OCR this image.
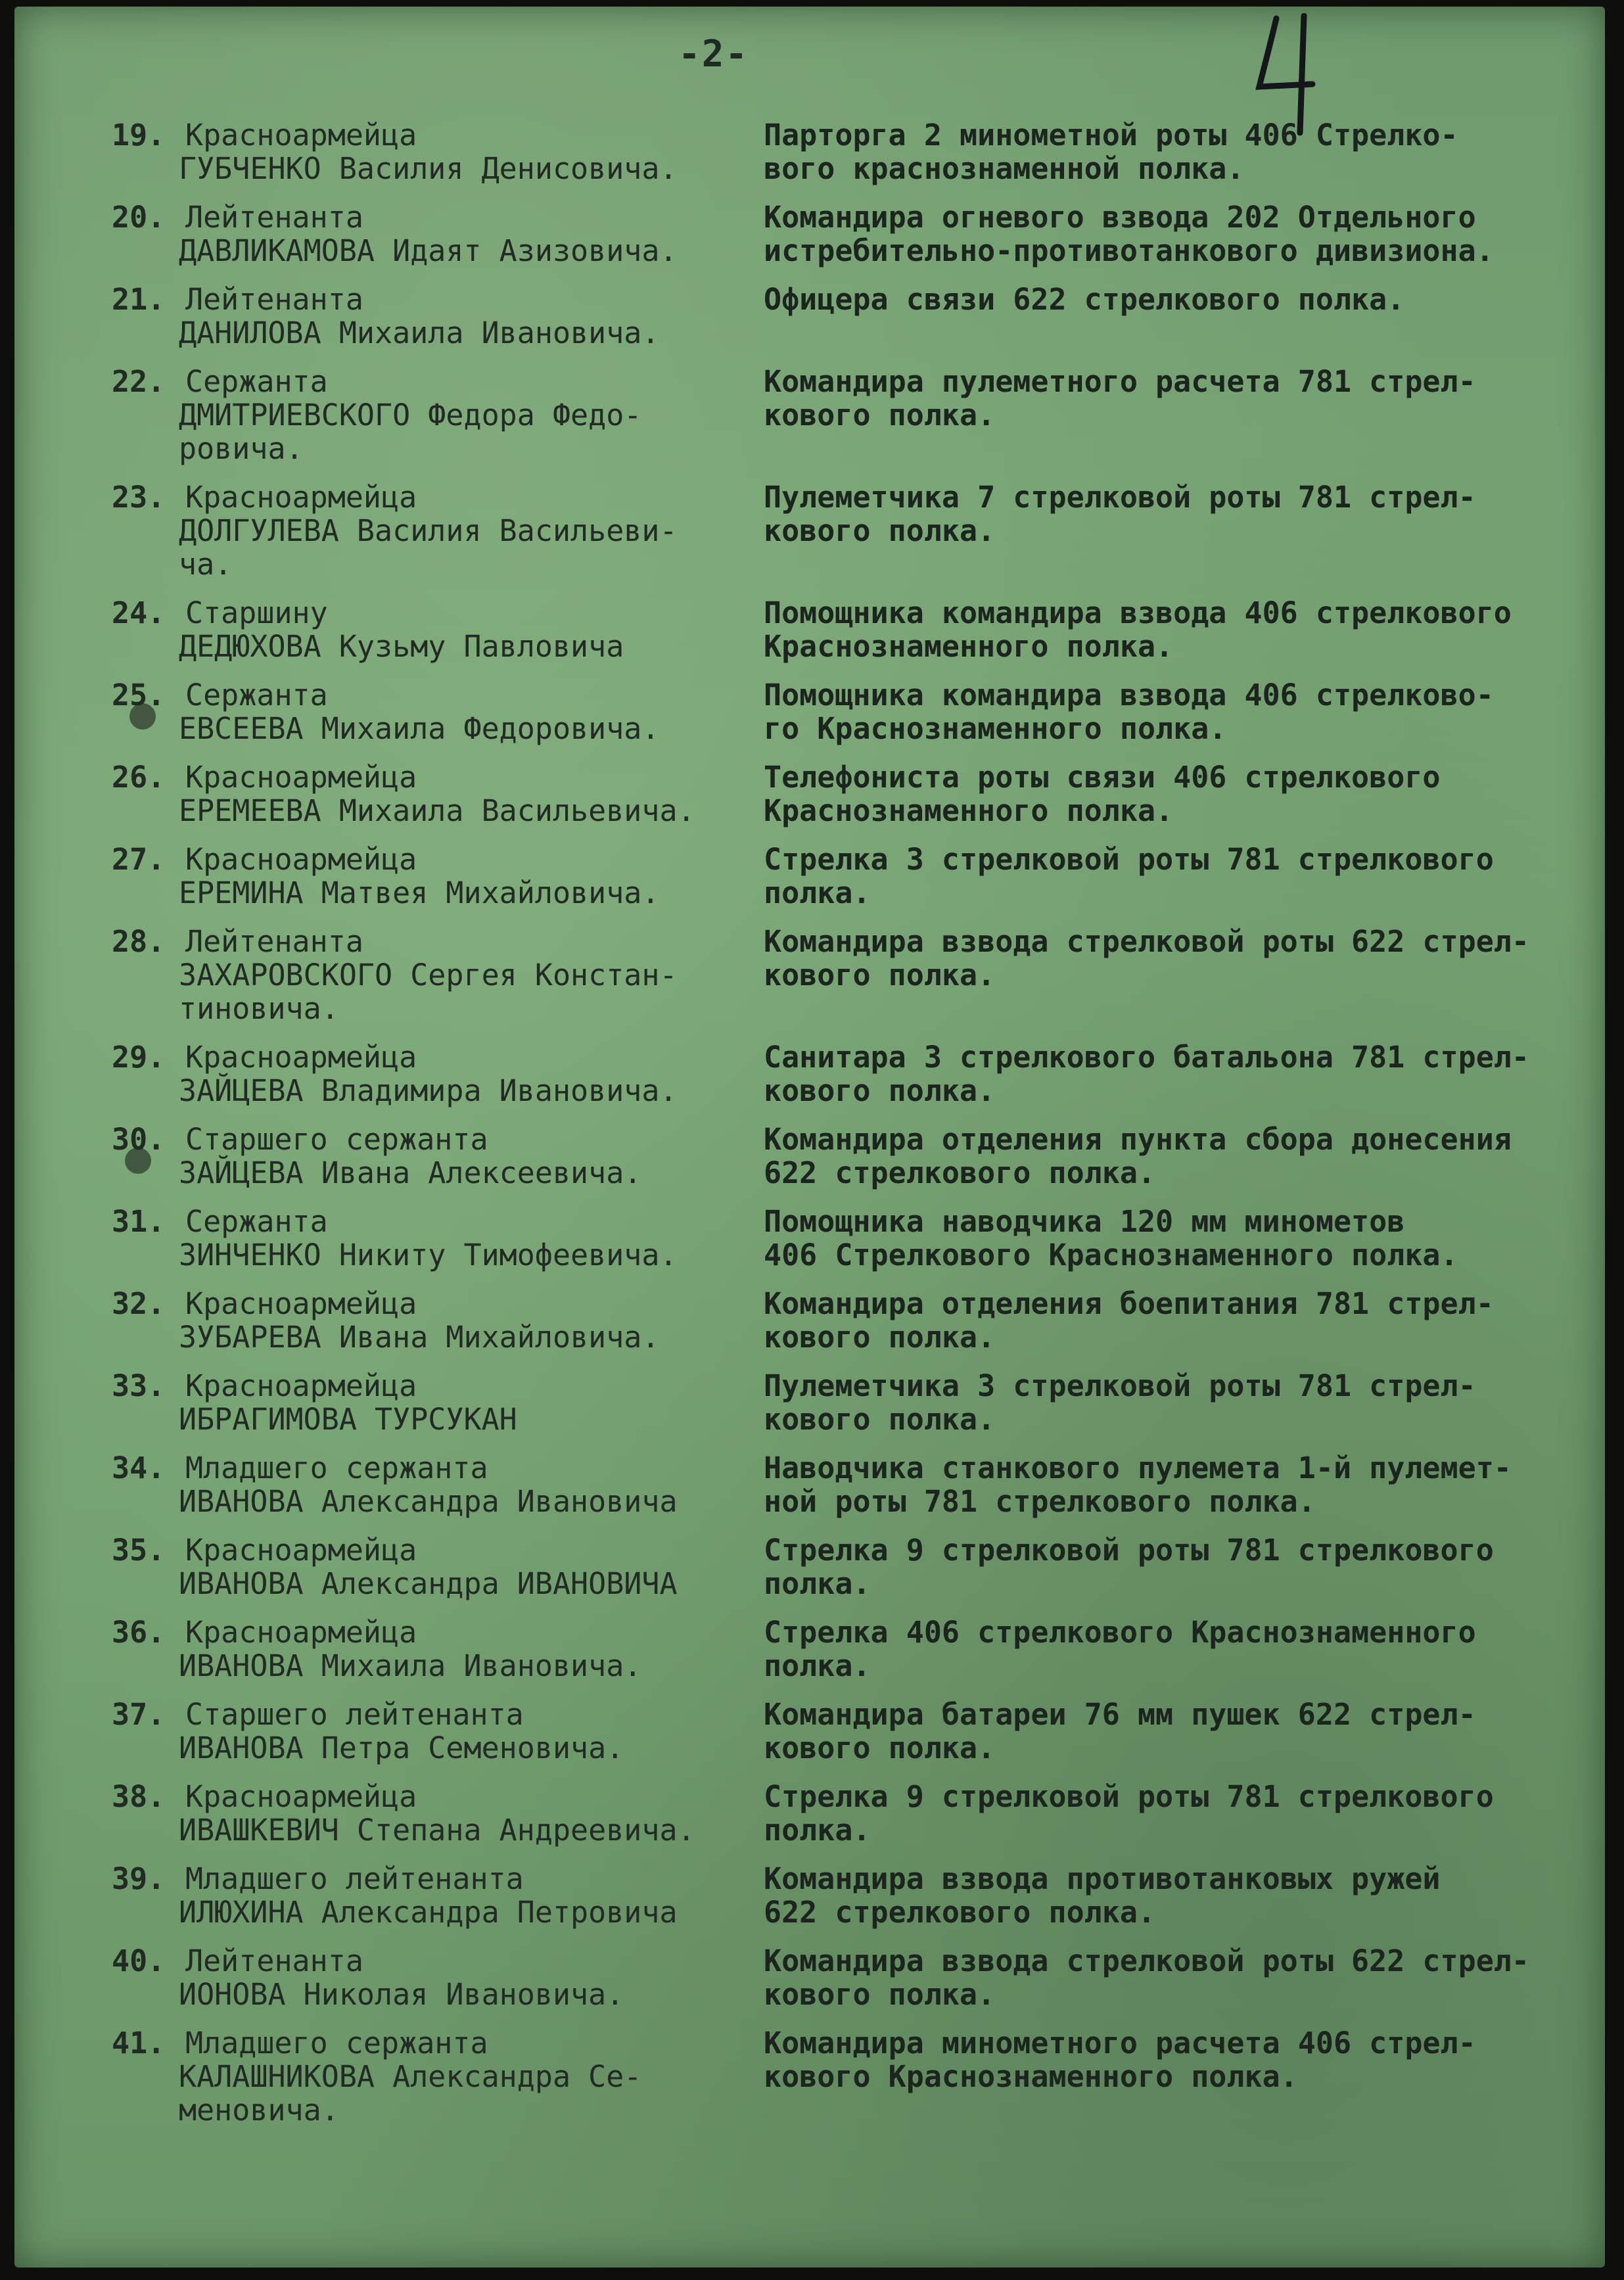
-2-
19. Красноармейца
ГУБЧЕНКО Василия Денисовича.
Парторга 2 минометной роты 406 Стрелко-
вого краснознаменной полка.
20. Лейтенанта
ДАВЛИКАМОВА Идаят Азизовича.
Командира огневого взвода 202 Отдельного
истребительно-противотанкового дивизиона.
21. Лейтенанта
ДАНИЛОВА Михаила Ивановича.
Офицера связи 622 стрелкового полка.
22. Сержанта
ДМИТРИЕВСКОГО Федора Федо-
ровича.
Командира пулеметного расчета 781 стрел-
кового полка.
23. Красноармейца
ДОЛГУЛЕВА Василия Васильеви-
ча.
Пулеметчика 7 стрелковой роты 781 стрел-
кового полка.
24. Старшину
ДЕДЮХОВА Кузьму Павловича
Помощника командира взвода 406 стрелкового
Краснознаменного полка.
25. Сержанта
ЕВСЕЕВА Михаила Федоровича.
Помощника командира взвода 406 стрелково-
го Краснознаменного полка.
26. Красноармейца
ЕРЕМЕЕВА Михаила Васильевича.
Телефониста роты связи 406 стрелкового
Краснознаменного полка.
27. Красноармейца
ЕРЕМИНА Матвея Михайловича.
Стрелка 3 стрелковой роты 781 стрелкового
полка.
28. Лейтенанта
ЗАХАРОВСКОГО Сергея Констан-
тиновича.
Командира взвода стрелковой роты 622 стрел-
кового полка.
29. Красноармейца
ЗАЙЦЕВА Владимира Ивановича.
Санитара 3 стрелкового батальона 781 стрел-
кового полка.
30. Старшего сержанта
ЗАЙЦЕВА Ивана Алексеевича.
Командира отделения пункта сбора донесения
622 стрелкового полка.
31. Сержанта
ЗИНЧЕНКО Никиту Тимофеевича.
Помощника наводчика 120 мм минометов
406 Стрелкового Краснознаменного полка.
32. Красноармейца
ЗУБАРЕВА Ивана Михайловича.
Командира отделения боепитания 781 стрел-
кового полка.
33. Красноармейца
ИБРАГИМОВА ТУРСУКАН
Пулеметчика 3 стрелковой роты 781 стрел-
кового полка.
34. Младшего сержанта
ИВАНОВА Александра Ивановича
Наводчика станкового пулемета 1-й пулемет-
ной роты 781 стрелкового полка.
35. Красноармейца
ИВАНОВА Александра ИВАНОВИЧА
Стрелка 9 стрелковой роты 781 стрелкового
полка.
36. Красноармейца
ИВАНОВА Михаила Ивановича.
Стрелка 406 стрелкового Краснознаменного
полка.
37. Старшего лейтенанта
ИВАНОВА Петра Семеновича.
Командира батареи 76 мм пушек 622 стрел-
кового полка.
38. Красноармейца
ИВАШКЕВИЧ Степана Андреевича.
Стрелка 9 стрелковой роты 781 стрелкового
полка.
39. Младшего лейтенанта
ИЛЮХИНА Александра Петровича
Командира взвода противотанковых ружей
622 стрелкового полка.
40. Лейтенанта
ИОНОВА Николая Ивановича.
Командира взвода стрелковой роты 622 стрел-
кового полка.
41. Младшего сержанта
КАЛАШНИКОВА Александра Се-
меновича.
Командира минометного расчета 406 стрел-
кового Краснознаменного полка.
